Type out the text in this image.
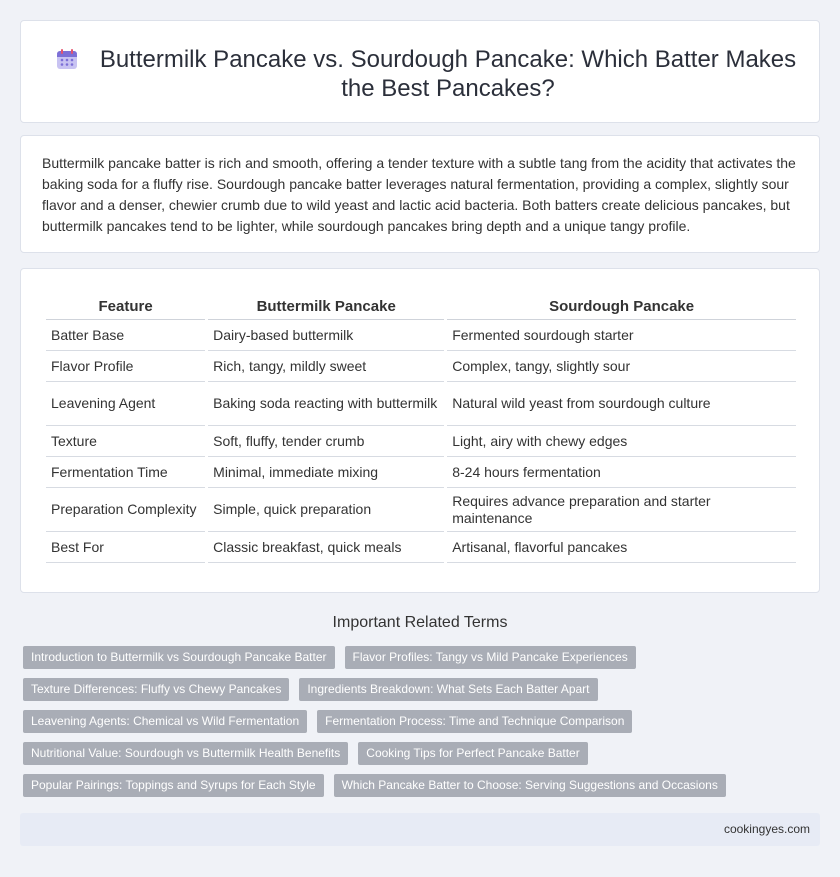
Buttermilk Pancake vs. Sourdough Pancake: Which Batter Makes the Best Pancakes?

Buttermilk pancake batter is rich and smooth, offering a tender texture with a subtle tang from the acidity that activates the baking soda for a fluffy rise. Sourdough pancake batter leverages natural fermentation, providing a complex, slightly sour flavor and a denser, chewier crumb due to wild yeast and lactic acid bacteria. Both batters create delicious pancakes, but buttermilk pancakes tend to be lighter, while sourdough pancakes bring depth and a unique tangy profile.

Feature	Buttermilk Pancake	Sourdough Pancake
Batter Base	Dairy-based buttermilk	Fermented sourdough starter
Flavor Profile	Rich, tangy, mildly sweet	Complex, tangy, slightly sour
Leavening Agent	Baking soda reacting with buttermilk	Natural wild yeast from sourdough culture
Texture	Soft, fluffy, tender crumb	Light, airy with chewy edges
Fermentation Time	Minimal, immediate mixing	8-24 hours fermentation
Preparation Complexity	Simple, quick preparation	Requires advance preparation and starter maintenance
Best For	Classic breakfast, quick meals	Artisanal, flavorful pancakes
Important Related Terms
Introduction to Buttermilk vs Sourdough Pancake Batter	Flavor Profiles: Tangy vs Mild Pancake Experiences
Texture Differences: Fluffy vs Chewy Pancakes	Ingredients Breakdown: What Sets Each Batter Apart
Leavening Agents: Chemical vs Wild Fermentation	Fermentation Process: Time and Technique Comparison
Nutritional Value: Sourdough vs Buttermilk Health Benefits	Cooking Tips for Perfect Pancake Batter
Popular Pairings: Toppings and Syrups for Each Style	Which Pancake Batter to Choose: Serving Suggestions and Occasions
cookingyes.com
